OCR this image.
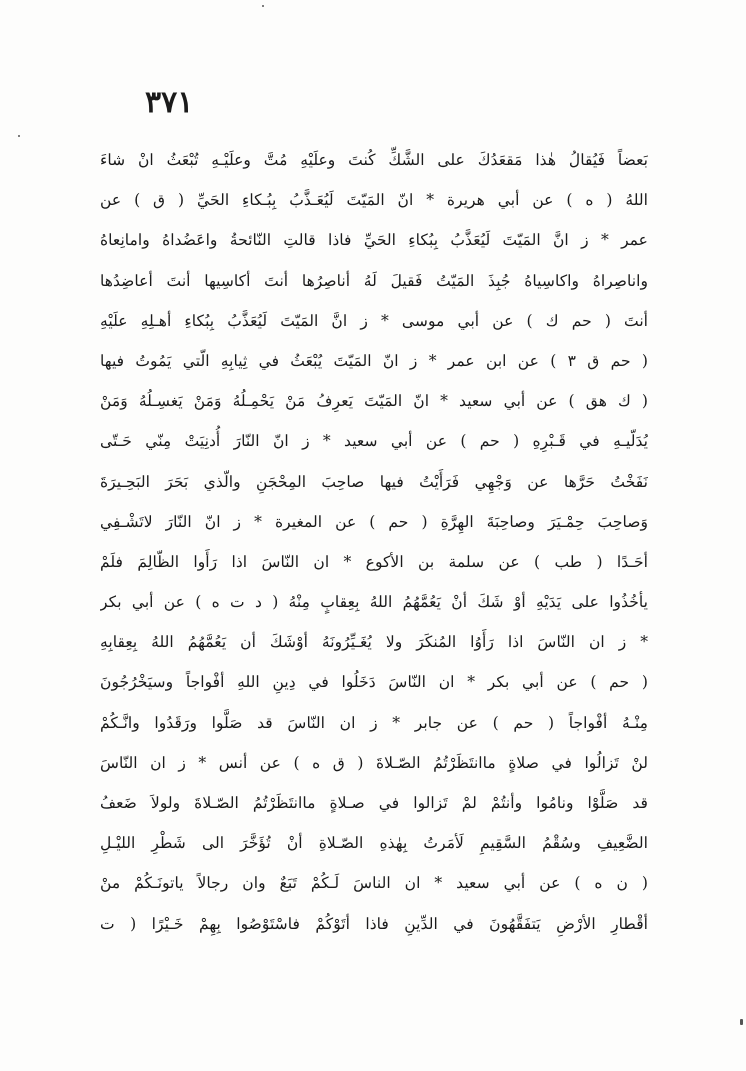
٣٧١
بَعضاً فَيُقالُ هٰذا مَقعَدُكَ على الشَّكِّ كُنتَ وعلَيْهِ مُتَّ وعلَيْـهِ تُبْعَثُ انْ شاءَ
اللهُ ( ه ) عن أبي هريرة * انّ المَيّتَ لَيُعَـذَّبُ بِبُـكاءِ الحَيِّ ( ق ) عن
عمر * ز انَّ المَيّتَ لَيُعَذَّبُ بِبُكاءِ الحَيِّ فاذا قالتِ النّائحةُ واعَضُداهُ وامانِعاهُ
واناصِراهُ واكاسِياهُ جُبِذَ المَيّتُ فَقيلَ لَهُ أناصِرُها أنتَ أكاسِيها أنتَ أعاضِدُها
أنتَ ( حم ك ) عن أبي موسى * ز انَّ المَيّتَ لَيُعَذَّبُ بِبُكاءِ أهـلِهِ علَيْهِ
( حم ق ٣ ) عن ابن عمر * ز انّ المَيّتَ يُبْعَثُ في ثِيابِهِ الّتي يَمُوتُ فيها
( ك هق ) عن أبي سعيد * انّ المَيّتَ يَعرِفُ مَنْ يَحْمِـلُهُ وَمَنْ يَغسِـلُهُ وَمَنْ
يُدَلّيـهِ في قَـبْرِهِ ( حم ) عن أبي سعيد * ز انّ النّارَ أُدنِيَتْ مِنّي حَـتّى
نَفَخْتُ حَرَّها عن وَجْهِي فَرَأَيْتُ فيها صاحِبَ المِحْجَنِ والّذي بَحَرَ البَحِـيرَةَ
وَصاحِبَ حِمْـيَرَ وصاحِبَةَ الهِرَّةِ ( حم ) عن المغيرة * ز انّ النّارَ لاتَشْـفِي
أحَـدًا ( طب ) عن سلمة بن الأكوع * ان النّاسَ اذا رَأَوا الظّالِمَ فلَمْ
يأخُذُوا على يَدَيْهِ أوْ شَكَ أنْ يَعُمَّهُمُ اللهُ بِعِقابٍ مِنْهُ ( د ت ه ) عن أبي بكر
* ز ان النّاسَ اذا رَأَوُا المُنكَرَ ولا يُغَـيِّرُونَهُ أوْشَكَ أن يَعُمَّهُمُ اللهُ بِعِقابِهِ
( حم ) عن أبي بكر * ان النّاسَ دَخَلُوا في دِينِ اللهِ أفْواجاً وسيَخْرُجُونَ
مِنْـهُ أفْواجاً ( حم ) عن جابر * ز ان النّاسَ قد صَلَّوا ورَقَدُوا وانَّـكُمْ
لنْ تَزالُوا في صلاةٍ ماانتَظَرْتُمُ الصّـلاةَ ( ق ه ) عن أنس * ز ان النّاسَ
قد صَلَّوْا ونامُوا وأنتُمْ لمْ تَزالوا في صـلاةٍ ماانتَظَرْتُمُ الصّـلاةَ ولولاَ ضَعفُ
الضَّعِيفِ وسُقْمُ السَّقِيمِ لَأمَرتُ بِهٰذهِ الصّـلاةِ أنْ تُؤَخَّرَ الى شَطْرِ الليْـلِ
( ن ه ) عن أبي سعيد * ان الناسَ لَـكُمْ تَبَعٌ وان رجالاً ياتونَـكُمْ منْ
أقْطارِ الأرْضِ يَتفَقَّهُونَ في الدِّينِ فاذا أتَوْكُمْ فاسْتَوْصُوا بِهِمْ خَـيْرًا ( ت
